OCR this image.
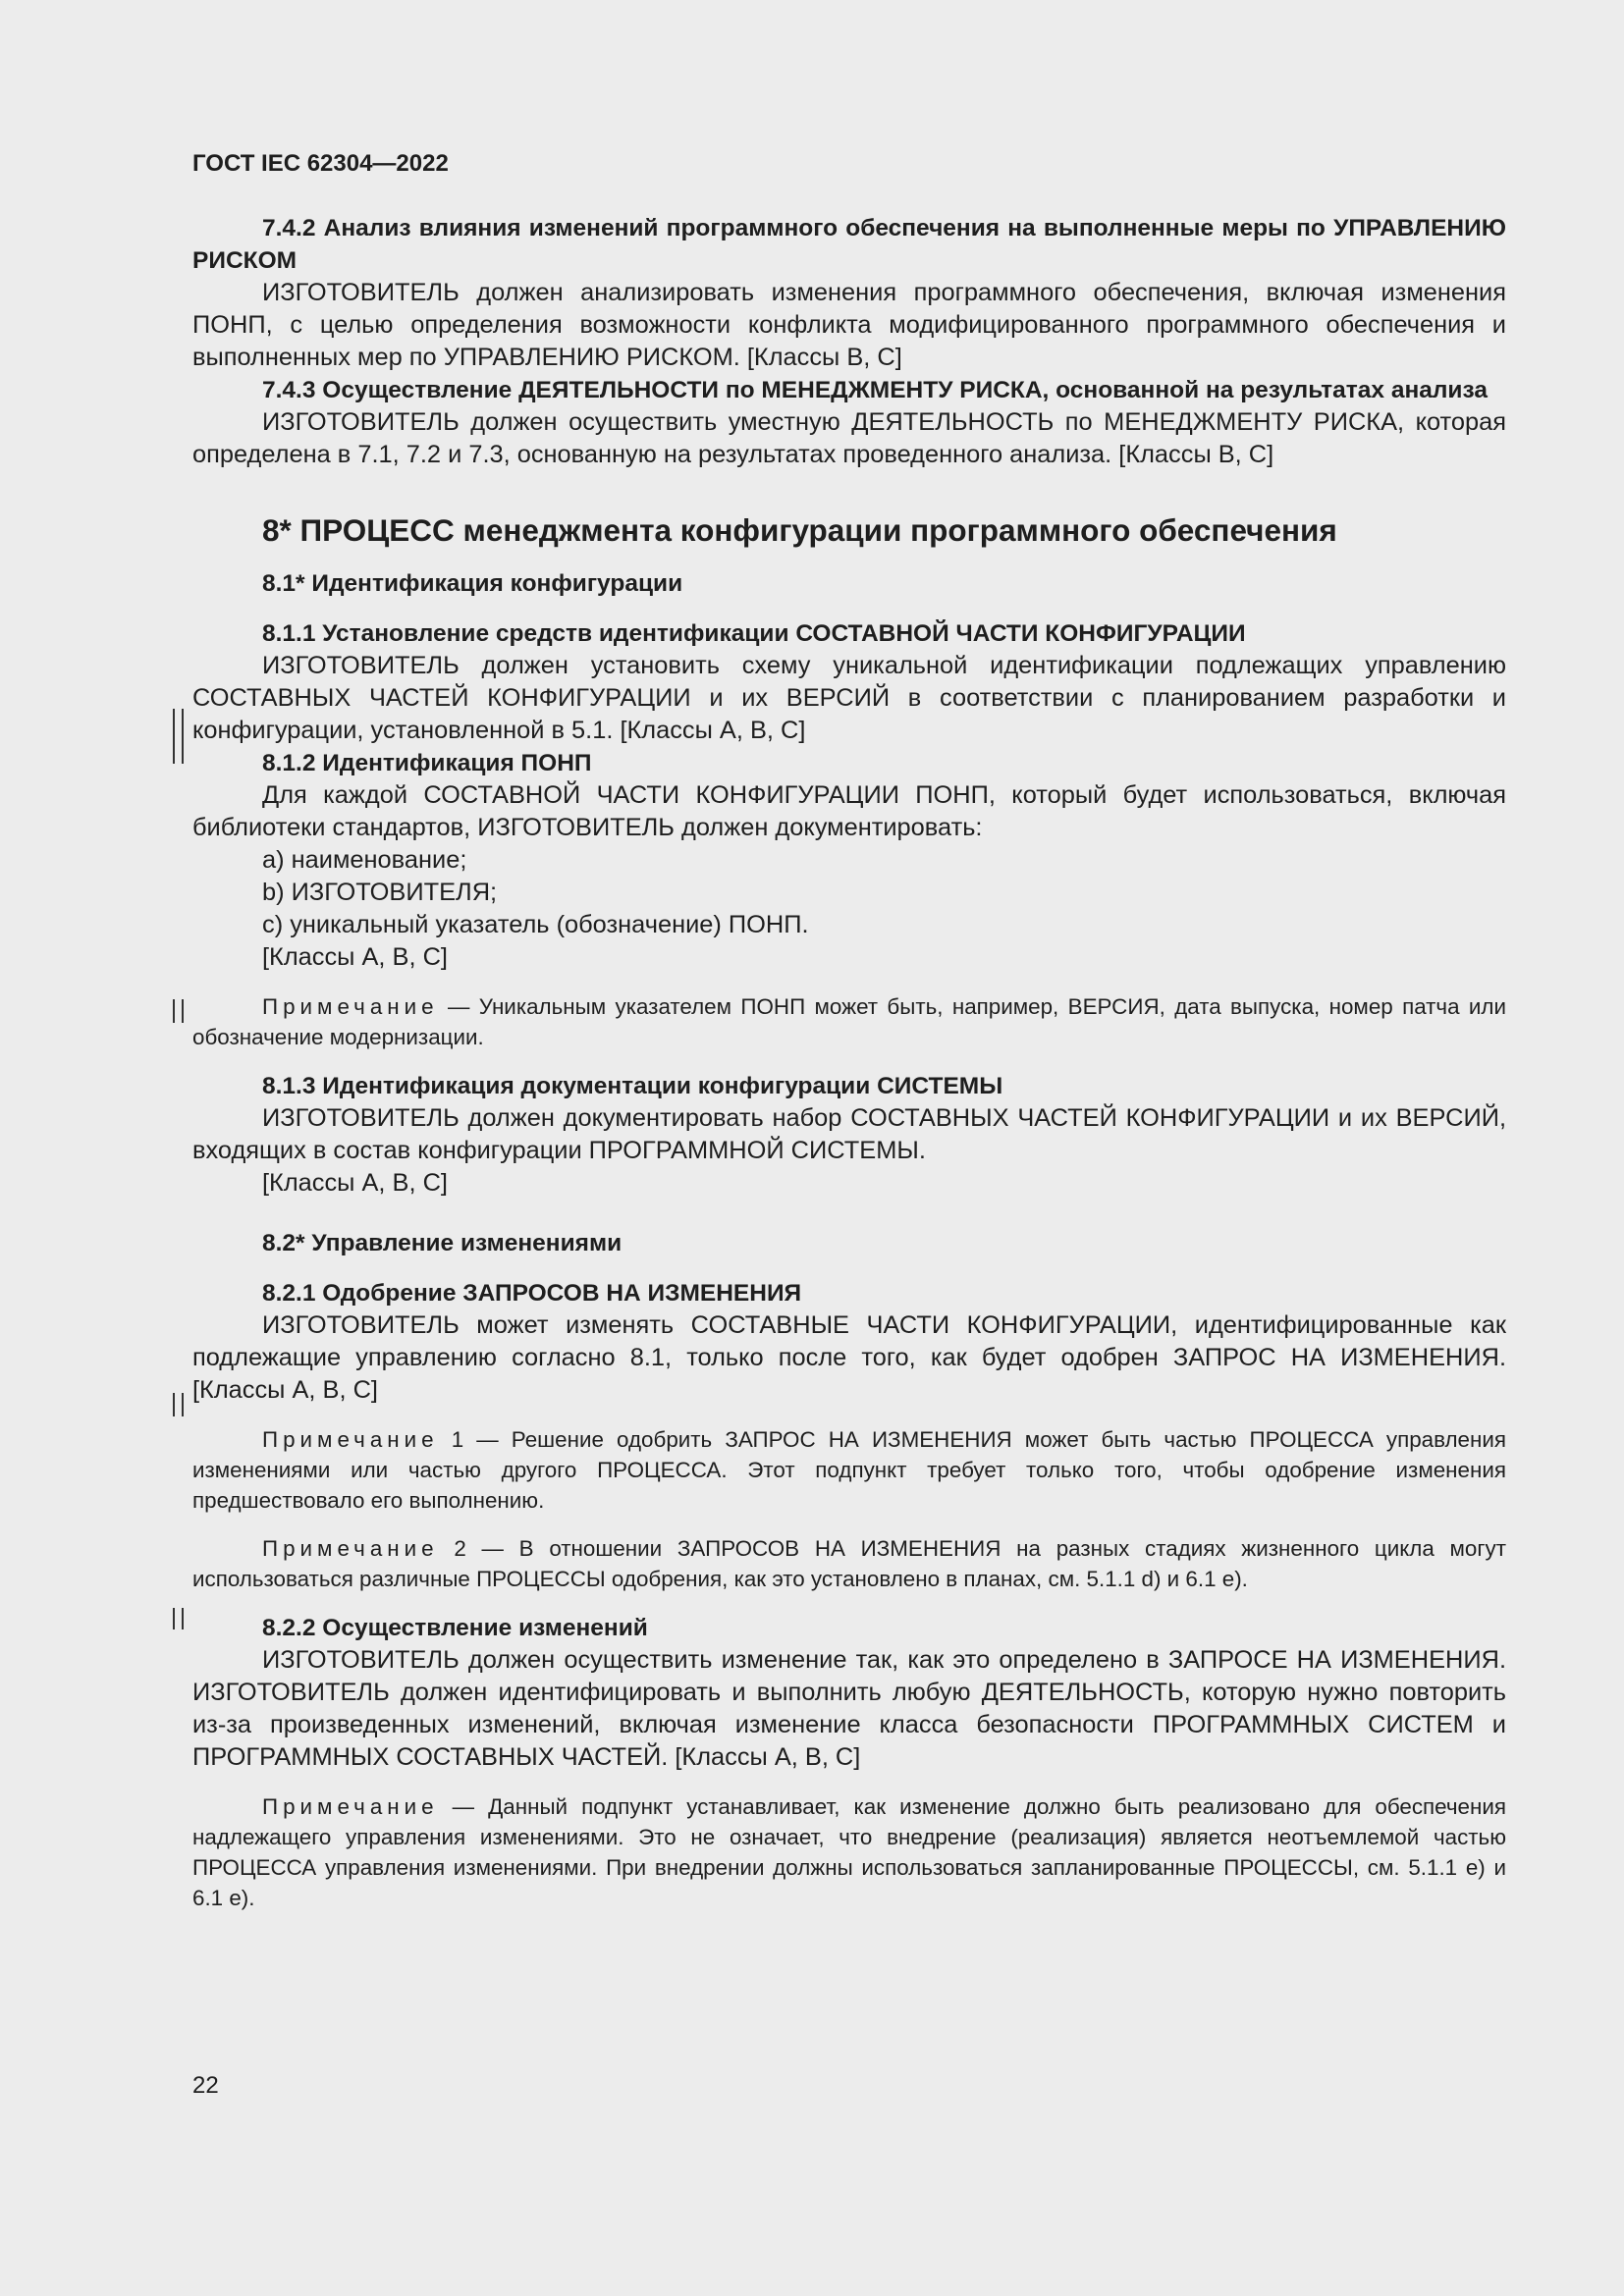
ГОСТ IEC 62304—2022

7.4.2 Анализ влияния изменений программного обеспечения на выполненные меры по УПРАВЛЕНИЮ РИСКОМ

ИЗГОТОВИТЕЛЬ должен анализировать изменения программного обеспечения, включая изменения ПОНП, с целью определения возможности конфликта модифицированного программного обеспечения и выполненных мер по УПРАВЛЕНИЮ РИСКОМ. [Классы В, С]

7.4.3 Осуществление ДЕЯТЕЛЬНОСТИ по МЕНЕДЖМЕНТУ РИСКА, основанной на результатах анализа

ИЗГОТОВИТЕЛЬ должен осуществить уместную ДЕЯТЕЛЬНОСТЬ по МЕНЕДЖМЕНТУ РИСКА, которая определена в 7.1, 7.2 и 7.3, основанную на результатах проведенного анализа. [Классы В, С]

8* ПРОЦЕСС менеджмента конфигурации программного обеспечения

8.1* Идентификация конфигурации

8.1.1 Установление средств идентификации СОСТАВНОЙ ЧАСТИ КОНФИГУРАЦИИ

ИЗГОТОВИТЕЛЬ должен установить схему уникальной идентификации подлежащих управлению СОСТАВНЫХ ЧАСТЕЙ КОНФИГУРАЦИИ и их ВЕРСИЙ в соответствии с планированием разработки и конфигурации, установленной в 5.1. [Классы А, В, С]

8.1.2 Идентификация ПОНП

Для каждой СОСТАВНОЙ ЧАСТИ КОНФИГУРАЦИИ ПОНП, который будет использоваться, включая библиотеки стандартов, ИЗГОТОВИТЕЛЬ должен документировать:

a) наименование;

b) ИЗГОТОВИТЕЛЯ;

c) уникальный указатель (обозначение) ПОНП.

[Классы А, В, С]

Примечание — Уникальным указателем ПОНП может быть, например, ВЕРСИЯ, дата выпуска, номер патча или обозначение модернизации.

8.1.3 Идентификация документации конфигурации СИСТЕМЫ

ИЗГОТОВИТЕЛЬ должен документировать набор СОСТАВНЫХ ЧАСТЕЙ КОНФИГУРАЦИИ и их ВЕРСИЙ, входящих в состав конфигурации ПРОГРАММНОЙ СИСТЕМЫ.

[Классы А, В, С]

8.2* Управление изменениями

8.2.1 Одобрение ЗАПРОСОВ НА ИЗМЕНЕНИЯ

ИЗГОТОВИТЕЛЬ может изменять СОСТАВНЫЕ ЧАСТИ КОНФИГУРАЦИИ, идентифицированные как подлежащие управлению согласно 8.1, только после того, как будет одобрен ЗАПРОС НА ИЗМЕНЕНИЯ. [Классы А, В, С]

Примечание 1 — Решение одобрить ЗАПРОС НА ИЗМЕНЕНИЯ может быть частью ПРОЦЕССА управления изменениями или частью другого ПРОЦЕССА. Этот подпункт требует только того, чтобы одобрение изменения предшествовало его выполнению.

Примечание 2 — В отношении ЗАПРОСОВ НА ИЗМЕНЕНИЯ на разных стадиях жизненного цикла могут использоваться различные ПРОЦЕССЫ одобрения, как это установлено в планах, см. 5.1.1 d) и 6.1 e).

8.2.2 Осуществление изменений

ИЗГОТОВИТЕЛЬ должен осуществить изменение так, как это определено в ЗАПРОСЕ НА ИЗМЕНЕНИЯ. ИЗГОТОВИТЕЛЬ должен идентифицировать и выполнить любую ДЕЯТЕЛЬНОСТЬ, которую нужно повторить из-за произведенных изменений, включая изменение класса безопасности ПРОГРАММНЫХ СИСТЕМ и ПРОГРАММНЫХ СОСТАВНЫХ ЧАСТЕЙ. [Классы А, В, С]

Примечание — Данный подпункт устанавливает, как изменение должно быть реализовано для обеспечения надлежащего управления изменениями. Это не означает, что внедрение (реализация) является неотъемлемой частью ПРОЦЕССА управления изменениями. При внедрении должны использоваться запланированные ПРОЦЕССЫ, см. 5.1.1 е) и 6.1 е).

22
